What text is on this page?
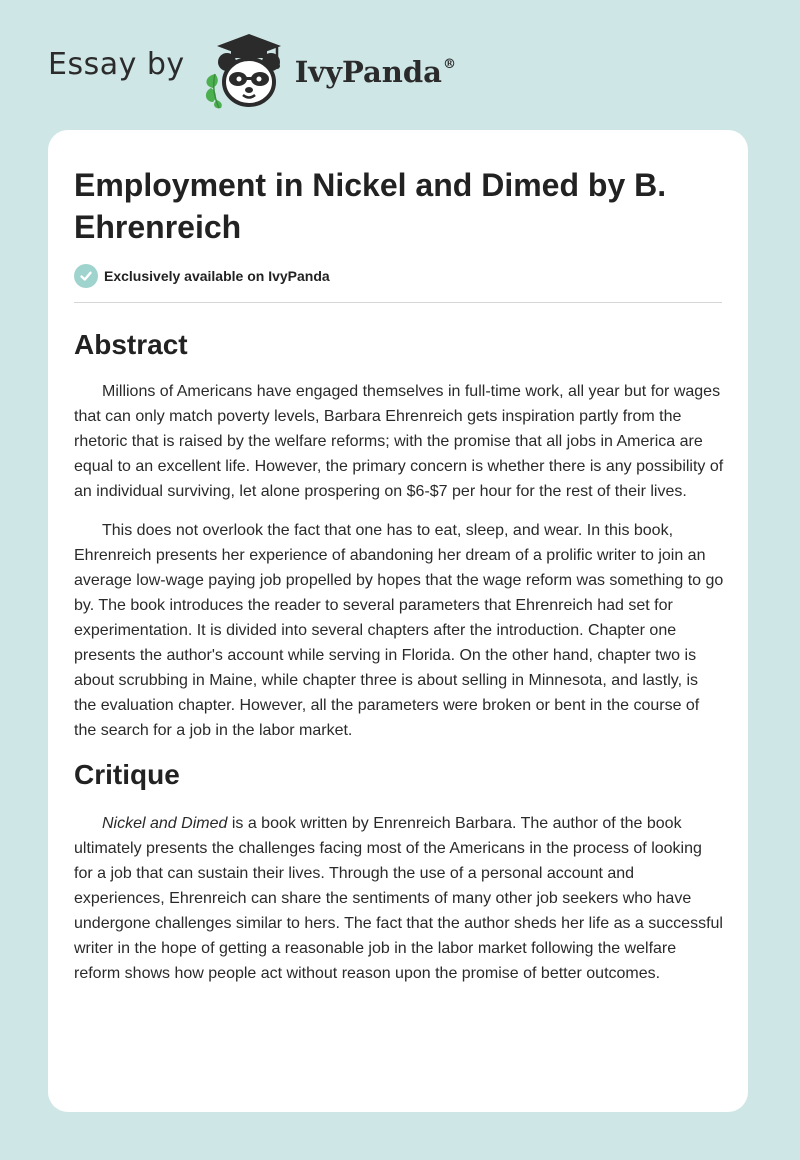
Essay by	IvyPanda®
Employment in Nickel and Dimed by B. Ehrenreich
Exclusively available on IvyPanda
Abstract

Millions of Americans have engaged themselves in full-time work, all year but for wages that can only match poverty levels, Barbara Ehrenreich gets inspiration partly from the rhetoric that is raised by the welfare reforms; with the promise that all jobs in America are equal to an excellent life. However, the primary concern is whether there is any possibility of an individual surviving, let alone prospering on $6-$7 per hour for the rest of their lives.

This does not overlook the fact that one has to eat, sleep, and wear. In this book, Ehrenreich presents her experience of abandoning her dream of a prolific writer to join an average low-wage paying job propelled by hopes that the wage reform was something to go by. The book introduces the reader to several parameters that Ehrenreich had set for experimentation. It is divided into several chapters after the introduction. Chapter one presents the author's account while serving in Florida. On the other hand, chapter two is about scrubbing in Maine, while chapter three is about selling in Minnesota, and lastly, is the evaluation chapter. However, all the parameters were broken or bent in the course of the search for a job in the labor market.

Critique

Nickel and Dimed is a book written by Enrenreich Barbara. The author of the book ultimately presents the challenges facing most of the Americans in the process of looking for a job that can sustain their lives. Through the use of a personal account and experiences, Ehrenreich can share the sentiments of many other job seekers who have undergone challenges similar to hers. The fact that the author sheds her life as a successful writer in the hope of getting a reasonable job in the labor market following the welfare reform shows how people act without reason upon the promise of better outcomes.
